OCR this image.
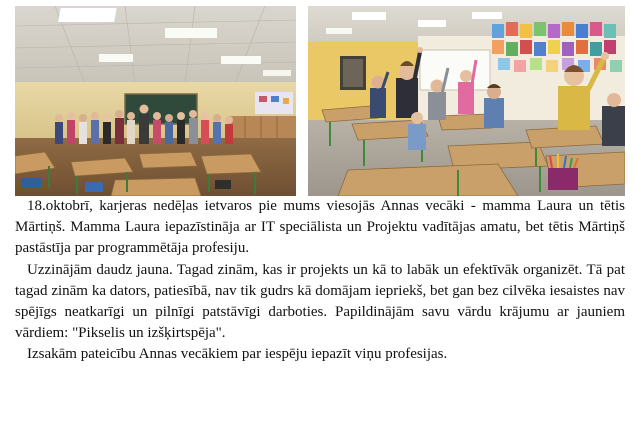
18.oktobrī, karjeras nedēļas ietvaros pie mums viesojās Annas vecāki - mamma Laura un tētis Mārtiņš. Mamma Laura iepazīstināja ar IT speciālista un Projektu vadītājas amatu, bet tētis Mārtiņš pastāstīja par programmētāja profesiju.

Uzzinājām daudz jauna. Tagad zinām, kas ir projekts un kā to labāk un efektīvāk organizēt. Tā pat tagad zinām ka dators, patiesībā, nav tik gudrs kā domājam iepriekš, bet gan bez cilvēka iesaistes nav spējīgs neatkarīgi un pilnīgi patstāvīgi darboties. Papildinājām savu vārdu krājumu ar jauniem vārdiem: "Pikselis un izšķirtspēja".

Izsakām pateicību Annas vecākiem par iespēju iepazīt viņu profesijas.
